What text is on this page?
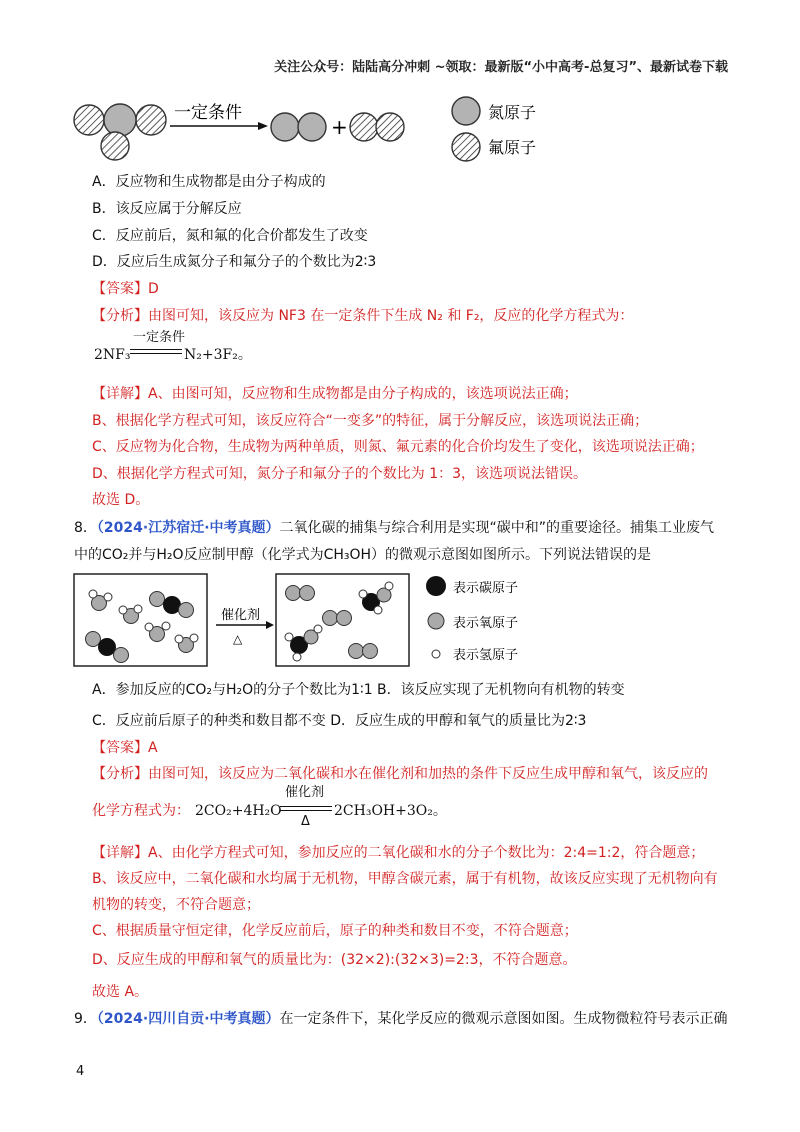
关注公众号：陆陆高分冲刺 ~领取：最新版“小中高考-总复习”、最新试卷下载
一定条件
+
氮原子
氟原子
A．反应物和生成物都是由分子构成的
B．该反应属于分解反应
C．反应前后，氮和氟的化合价都发生了改变
D．反应后生成氮分子和氟分子的个数比为2∶3
【答案】D
【分析】由图可知，该反应为 NF3 在一定条件下生成 N₂ 和 F₂，反应的化学方程式为：
2NF₃
一定条件
N₂+3F₂。
【详解】A、由图可知，反应物和生成物都是由分子构成的，该选项说法正确；
B、根据化学方程式可知，该反应符合“一变多”的特征，属于分解反应，该选项说法正确；
C、反应物为化合物，生成物为两种单质，则氮、氟元素的化合价均发生了变化，该选项说法正确；
D、根据化学方程式可知，氮分子和氟分子的个数比为 1：3，该选项说法错误。
故选 D。
8．（2024·江苏宿迁·中考真题）二氧化碳的捕集与综合利用是实现“碳中和”的重要途径。捕集工业废气
中的CO₂并与H₂O反应制甲醇（化学式为CH₃OH）的微观示意图如图所示。下列说法错误的是
催化剂
△
表示碳原子
表示氧原子
表示氢原子
A．参加反应的CO₂与H₂O的分子个数比为1∶1 B．该反应实现了无机物向有机物的转变
C．反应前后原子的种类和数目都不变 D．反应生成的甲醇和氧气的质量比为2∶3
【答案】A
【分析】由图可知，该反应为二氧化碳和水在催化剂和加热的条件下反应生成甲醇和氧气，该反应的
化学方程式为： 2CO₂+4H₂O
催化剂
Δ
2CH₃OH+3O₂。
【详解】A、由化学方程式可知，参加反应的二氧化碳和水的分子个数比为：2:4=1:2，符合题意；
B、该反应中，二氧化碳和水均属于无机物，甲醇含碳元素，属于有机物，故该反应实现了无机物向有
机物的转变，不符合题意；
C、根据质量守恒定律，化学反应前后，原子的种类和数目不变，不符合题意；
D、反应生成的甲醇和氧气的质量比为：(32×2):(32×3)=2:3，不符合题意。
故选 A。
9．（2024·四川自贡·中考真题）在一定条件下，某化学反应的微观示意图如图。生成物微粒符号表示正确
4
